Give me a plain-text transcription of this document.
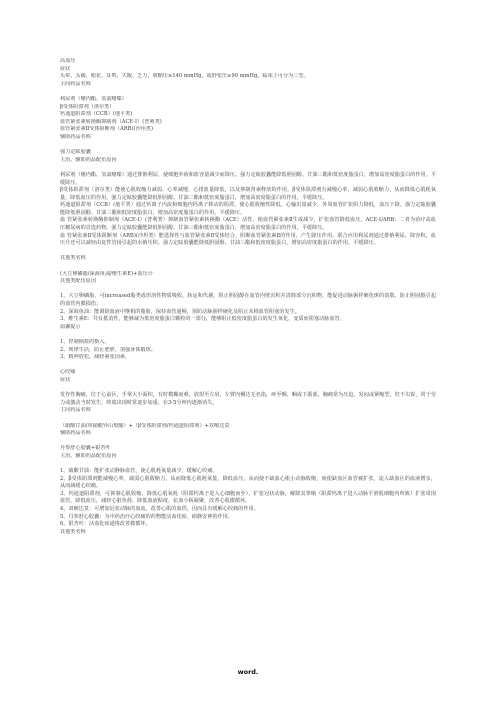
高血压
症状
头晕、头痛、眼花、耳鸣、失眠、乏力。收缩压≥140 mmHg，或舒张压≥90 mmHg。临床上可分为三型。
主问药品名称
利尿剂（噻内酯、氢氯噻嗪）
β受体阻滞剂（洛尔类）
钙通道阻滞剂（CCB）(地平类)
血管紧张素转换酶抑制剂（ACE-I）(普利类)
血管紧张素Ⅱ受体阻断剂（ARB)(沙坦类)
辅助药品名称
强力定眩胶囊
主治、辅助药品配伍原因
利尿剂（噻内酯、氢氯噻嗪）通过排钠利尿，使细胞外液和血容量减少而降压。强力定眩胶囊能降低胆固醇、甘油三酯和低密度脂蛋白，增加高密度脂蛋白的作用。平缓降压。
β受体阻滞剂（洛尔类）能使心肌收缩力减弱、心率减慢，心排血量降低，以及抑制肾素释放的作用。β受体阻滞剂有减慢心率、减弱心肌收缩力、从而降低心肌耗氧量、降低血压的作用。强力定眩胶囊能降低胆固醇、甘油三酯和低密度脂蛋白，增加高密度脂蛋白的作用，平缓降压。
钙通道阻滞剂（CCB）(地平类）通过钙离子内流和细胞内钙离子移动的阻滞，使心肌收缩性降低，心输出量减少，外周血管扩张阻力降低，血压下降。强力定眩胶囊能降低胆固醇、甘油三酯和低密度脂蛋白，增加高密度脂蛋白的作用，平缓降压。
血 管紧张素转换酶抑制剂（ACE-I）(普利类）抑制血管紧张素转换酶（ACE）活性，使血管紧张素Ⅱ生成减少，扩张血管降低血压。ACE-I/ARB：二者为治疗高血压糖尿病的首选药物。强力定眩胶囊能降低胆固醇、甘油三酯和低密度脂蛋白，增加高密度脂蛋白的作用，平缓降压。
血 管紧张素Ⅱ受体阻断剂（ARB)(沙坦类）能选择性与血管紧张素Ⅱ受体结合，阻断血管紧张素Ⅱ的作用，产生降压作用。联合应用利尿剂通过排钠利尿，降容积，血压升还可以减轻由复性管扬引起的水钠压积。强力定眩胶囊能降低胆固醇、甘油三酯和低密度脂蛋白，增加高密度脂蛋白的作用，平缓降压。
其他类名称
(大豆卵磷脂/深海鱼油/维生素E)+血压计
其他类配伍原因
1、大豆卵磷脂，可increased脂类成形溶性物质吸收，转运和代谢，阻止胆固醇在血管内壁沉积并清除部分沉积物，能促进动脉粥样硬化斑的消散，防止胆固醇引起的血管内膜损伤；
2、深海鱼油：能调降血液中继相的脂肪，保持血管通畅，预防动脉粥样硬化及阻止末梢血管阻塞的发生。
3、维生素E：共有抵消性，能够减为低密度脂蛋白颗粒的一部分，能够阻止低密度脂蛋白的发生氧化，变质而阻塞动脉血管。
温馨提示
1、控制钠盐的摄入。
2、规律生活，防止肥胖，加强身体锻炼。
3、精神放松，减轻紧张因素。
心绞痛
症状
发作性胸痛，位于心前区，手掌大小面积，有时模糊而难，放射至左肩、左臂内侧达无名指，疼至咽、咽或下颌部。胸痛常为压迫、发闷或紧缩型，但不尖锐，常于劳力或激动当时发生，终端出现时常逐步加重，在3-5分钟内逐渐消失。
主问药品名称
（硝酸甘油/单硝酸异山梨酯）+（β受体阻滞剂/钙通道阻滞剂）+双嘧达莫
辅助药品名称
丹参舒心胶囊+银杏叶
主治、辅助药品配伍原因
1、硝酸甘油：能扩张动静脉血管，使心肌耗氧量减少，缓解心绞痛。
2、β受体阻滞剂能减慢心率，减弱心肌收缩力，从而降低心肌耗氧量，降低血压，从而使不缺血心肌小动脉收缩，而使缺血区血管被扩张，流入缺血区的血液增多，从而减缓心绞痛。
3、钙通道阻滞剂，可抑制心肌收缩，降低心肌氧耗（阻滞钙离子进入心细胞而至），扩张冠状动脉，解除其挛缩（阻滞钙离子进入动脉平滑肌细胞内所致）扩张周围血管，降低血压，减轻心脏负荷，降低血液粘度，抗血小板凝聚，改善心肌微循环。
4、双嘧达莫：可增加冠状动脉的血流，改善心肌的血供，因而具有缓解心绞痛的作用。
5、丹参舒心胶囊：为中药治疗心绞痛的药物能活血化瘀，硝静安神的作用。
6、银杏叶：活血化瘀通络改善微循环。
其他类名称
word.
